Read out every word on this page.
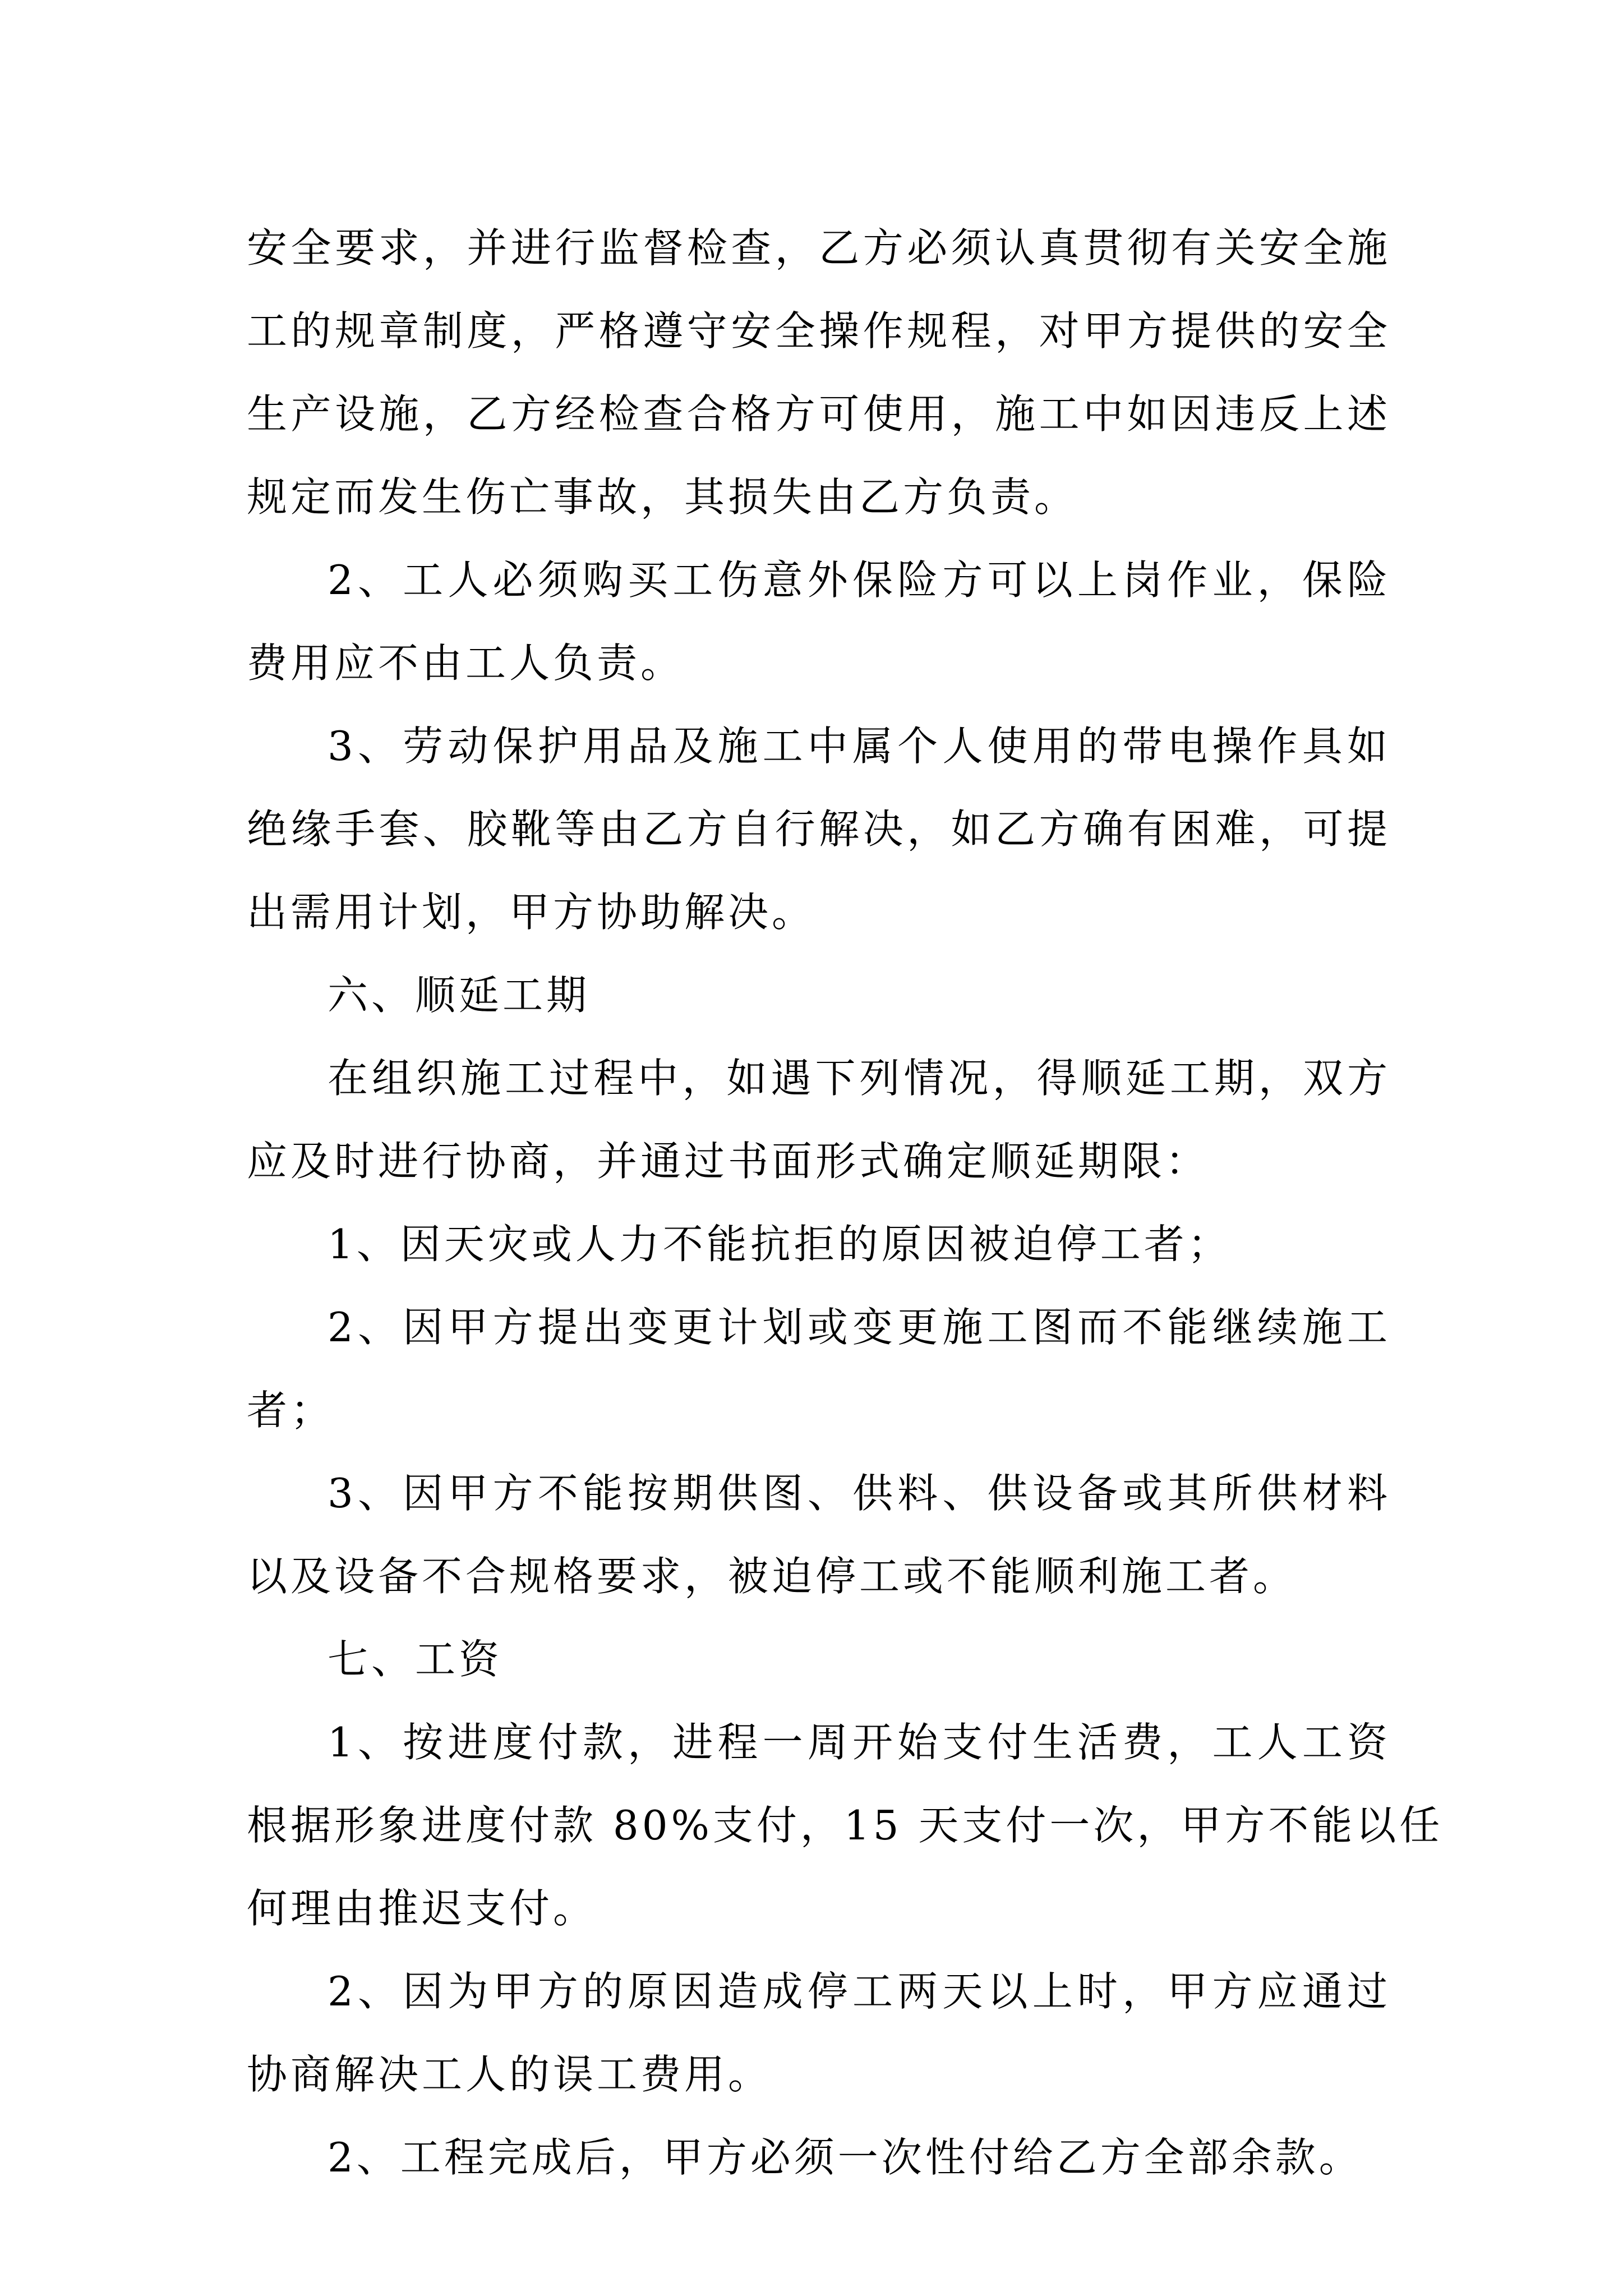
安全要求，并进行监督检查，乙方必须认真贯彻有关安全施
工的规章制度，严格遵守安全操作规程，对甲方提供的安全
生产设施，乙方经检查合格方可使用，施工中如因违反上述
规定而发生伤亡事故，其损失由乙方负责。
2、工人必须购买工伤意外保险方可以上岗作业，保险
费用应不由工人负责。
3、劳动保护用品及施工中属个人使用的带电操作具如
绝缘手套、胶靴等由乙方自行解决，如乙方确有困难，可提
出需用计划，甲方协助解决。
六、顺延工期
在组织施工过程中，如遇下列情况，得顺延工期，双方
应及时进行协商，并通过书面形式确定顺延期限：
1、因天灾或人力不能抗拒的原因被迫停工者；
2、因甲方提出变更计划或变更施工图而不能继续施工
者；
3、因甲方不能按期供图、供料、供设备或其所供材料
以及设备不合规格要求，被迫停工或不能顺利施工者。
七、工资
1、按进度付款，进程一周开始支付生活费，工人工资
根据形象进度付款 80%支付，15 天支付一次，甲方不能以任
何理由推迟支付。
2、因为甲方的原因造成停工两天以上时，甲方应通过
协商解决工人的误工费用。
2、工程完成后，甲方必须一次性付给乙方全部余款。
